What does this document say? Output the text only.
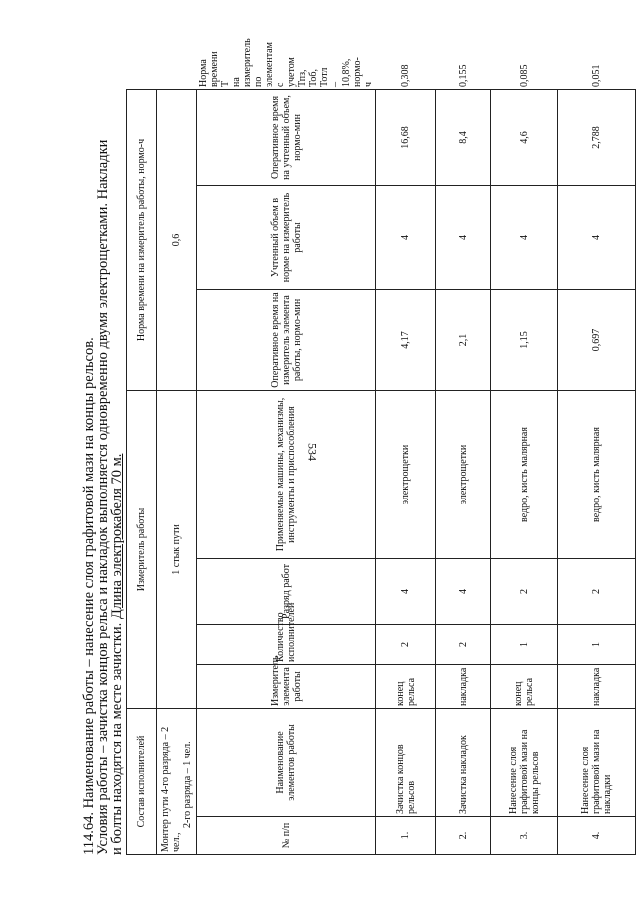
534
114.64. Наименование работы – нанесение слоя графитовой мази на концы рельсов.
Условия работы – зачистка концов рельса и накладок выполняется одновременно двумя электрощетками. Накладки
и болты находятся на месте зачистки. Длина электрокабеля 70 м.
Состав исполнителей		Измеритель работы				Норма времени на измеритель работы, нормо-ч			

Монтер пути 4-го разряда – 2 чел.,
2-го разряда – 1 чел.		1 стык пути				0,6			
№ п/п	Наименование элементов работы	Измеритель элемента работы	Количество исполнителей	Разряд работ	Применяемые машины, механизмы, инструменты и приспособления	Оперативное время на измеритель элемента работы, нормо-мин	Учтенный объем в норме на измеритель работы	Оперативное время на учтенный объем, нормо-мин	Норма времени Т на измеритель по элементам с учетом Тпз, Тоб, Тотл – 10,8%, нормо-ч
1.	Зачистка концов рельсов	конец рельса	2	4	электрощетки	4,17	4	16,68	0,308
2.	Зачистка накладок	накладка	2	4	электрощетки	2,1	4	8,4	0,155
3.	Нанесение слоя графитовой мази на концы рельсов	конец рельса	1	2	ведро, кисть малярная	1,15	4	4,6	0,085
4.	Нанесение слоя графитовой мази на накладки	накладка	1	2	ведро, кисть малярная	0,697	4	2,788	0,051
